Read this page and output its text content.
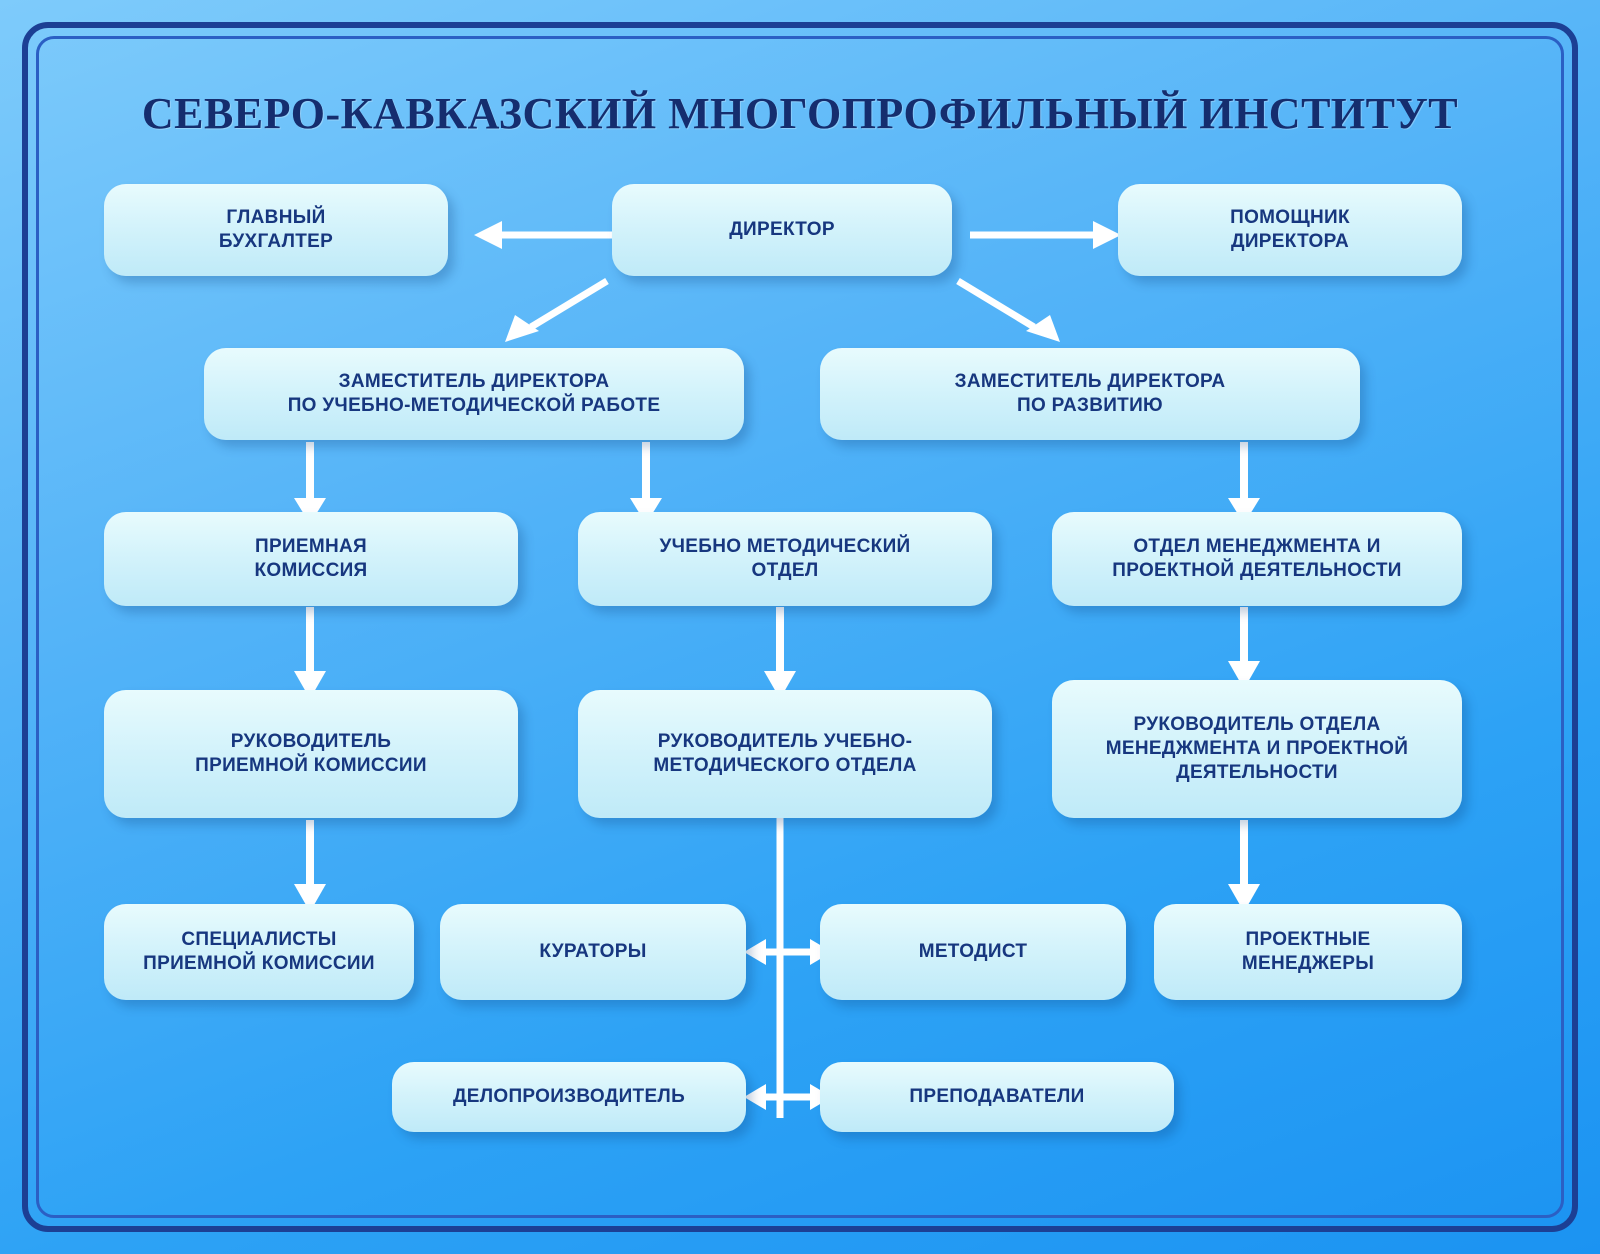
СЕВЕРО-КАВКАЗСКИЙ МНОГОПРОФИЛЬНЫЙ ИНСТИТУТ
ГЛАВНЫЙ
БУХГАЛТЕР
ДИРЕКТОР
ПОМОЩНИК
ДИРЕКТОРА
ЗАМЕСТИТЕЛЬ ДИРЕКТОРА
ПО УЧЕБНО-МЕТОДИЧЕСКОЙ РАБОТЕ
ЗАМЕСТИТЕЛЬ ДИРЕКТОРА
ПО РАЗВИТИЮ
ПРИЕМНАЯ
КОМИССИЯ
УЧЕБНО МЕТОДИЧЕСКИЙ
ОТДЕЛ
ОТДЕЛ МЕНЕДЖМЕНТА И
ПРОЕКТНОЙ ДЕЯТЕЛЬНОСТИ
РУКОВОДИТЕЛЬ
ПРИЕМНОЙ КОМИССИИ
РУКОВОДИТЕЛЬ УЧЕБНО-
МЕТОДИЧЕСКОГО ОТДЕЛА
РУКОВОДИТЕЛЬ ОТДЕЛА
МЕНЕДЖМЕНТА И ПРОЕКТНОЙ
ДЕЯТЕЛЬНОСТИ
СПЕЦИАЛИСТЫ
ПРИЕМНОЙ КОМИССИИ
КУРАТОРЫ	МЕТОДИСТ
ПРОЕКТНЫЕ
МЕНЕДЖЕРЫ
ДЕЛОПРОИЗВОДИТЕЛЬ	ПРЕПОДАВАТЕЛИ
